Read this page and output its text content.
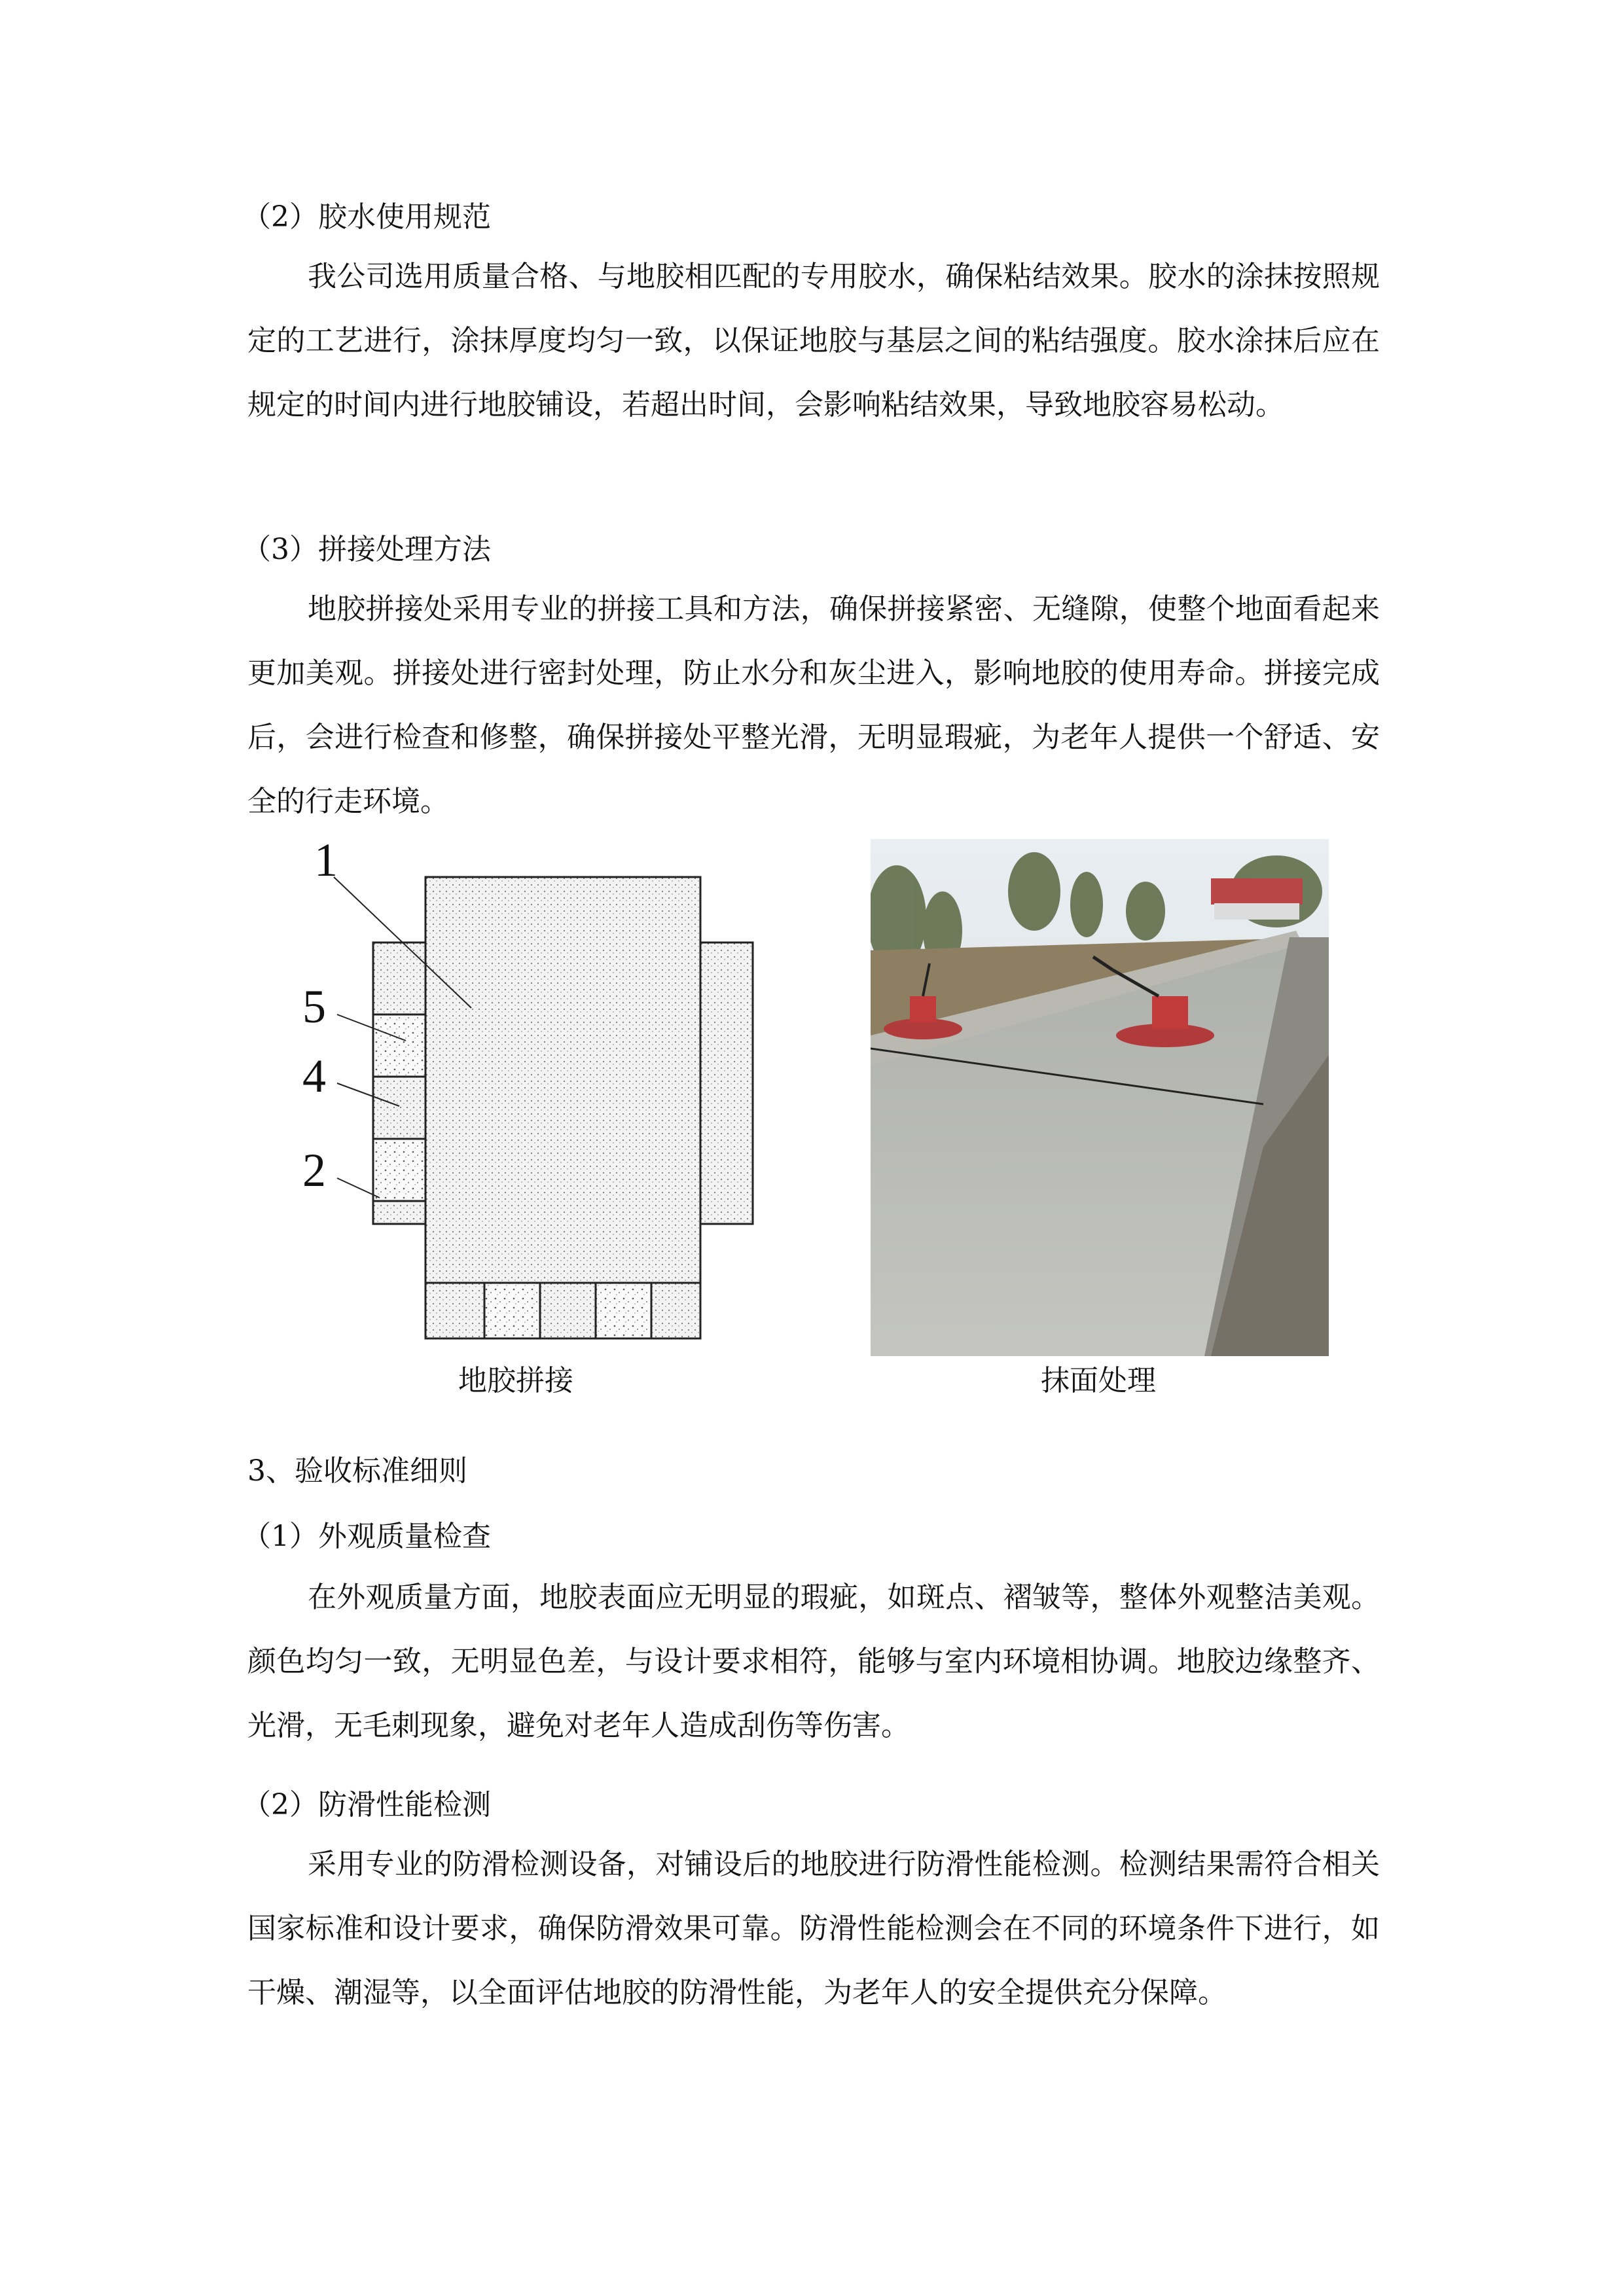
（2）胶水使用规范
我公司选用质量合格、与地胶相匹配的专用胶水，确保粘结效果。胶水的涂抹按照规定的工艺进行，涂抹厚度均匀一致，以保证地胶与基层之间的粘结强度。胶水涂抹后应在规定的时间内进行地胶铺设，若超出时间，会影响粘结效果，导致地胶容易松动。
（3）拼接处理方法
地胶拼接处采用专业的拼接工具和方法，确保拼接紧密、无缝隙，使整个地面看起来更加美观。拼接处进行密封处理，防止水分和灰尘进入，影响地胶的使用寿命。拼接完成后，会进行检查和修整，确保拼接处平整光滑，无明显瑕疵，为老年人提供一个舒适、安全的行走环境。
1
5
4
2
地胶拼接	抹面处理
3、验收标准细则
（1）外观质量检查
在外观质量方面，地胶表面应无明显的瑕疵，如斑点、褶皱等，整体外观整洁美观。颜色均匀一致，无明显色差，与设计要求相符，能够与室内环境相协调。地胶边缘整齐、光滑，无毛刺现象，避免对老年人造成刮伤等伤害。
（2）防滑性能检测
采用专业的防滑检测设备，对铺设后的地胶进行防滑性能检测。检测结果需符合相关国家标准和设计要求，确保防滑效果可靠。防滑性能检测会在不同的环境条件下进行，如干燥、潮湿等，以全面评估地胶的防滑性能，为老年人的安全提供充分保障。
